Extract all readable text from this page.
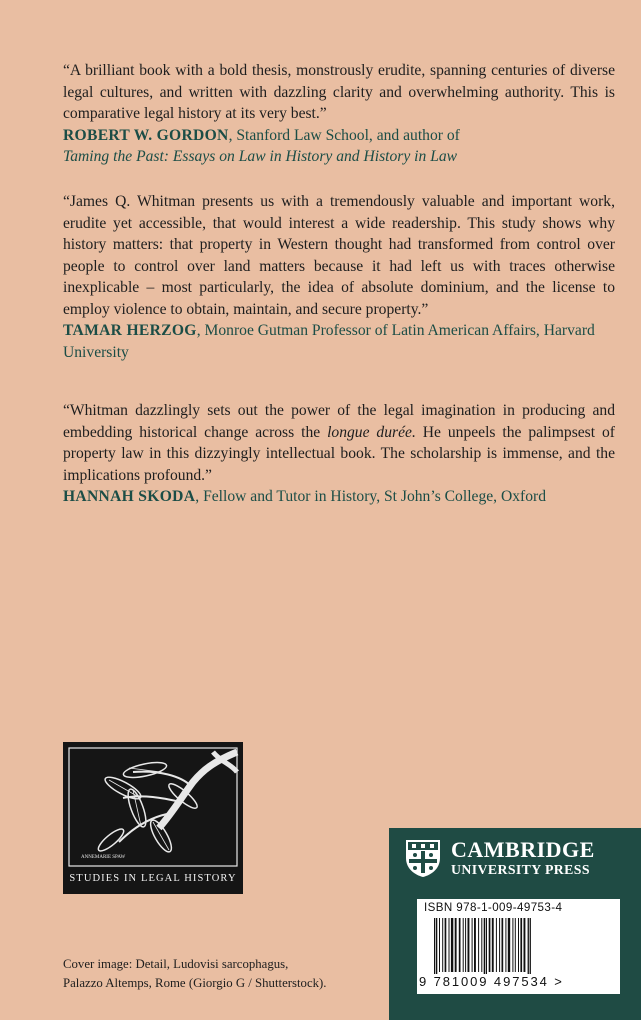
“A brilliant book with a bold thesis, monstrously erudite, spanning centuries of diverse legal cultures, and written with dazzling clarity and overwhelming authority. This is comparative legal history at its very best.”

ROBERT W. GORDON, Stanford Law School, and author of
Taming the Past: Essays on Law in History and History in Law

“James Q. Whitman presents us with a tremendously valuable and important work, erudite yet accessible, that would interest a wide readership. This study shows why history matters: that property in Western thought had transformed from control over people to control over land matters because it had left us with traces otherwise inexplicable – most particularly, the idea of absolute dominium, and the license to employ violence to obtain, maintain, and secure property.”

TAMAR HERZOG, Monroe Gutman Professor of Latin American Affairs, Harvard University

“Whitman dazzlingly sets out the power of the legal imagination in producing and embedding historical change across the longue durée. He unpeels the palimpsest of property law in this dizzyingly intellectual book. The scholarship is immense, and the implications profound.”

HANNAH SKODA, Fellow and Tutor in History, St John’s College, Oxford

ANNEMARIE SPAW
STUDIES IN LEGAL HISTORY
Cover image: Detail, Ludovisi sarcophagus,
Palazzo Altemps, Rome (Giorgio G / Shutterstock).
CAMBRIDGE
UNIVERSITY PRESS
ISBN 978-1-009-49753-4
9 781009 497534 >
